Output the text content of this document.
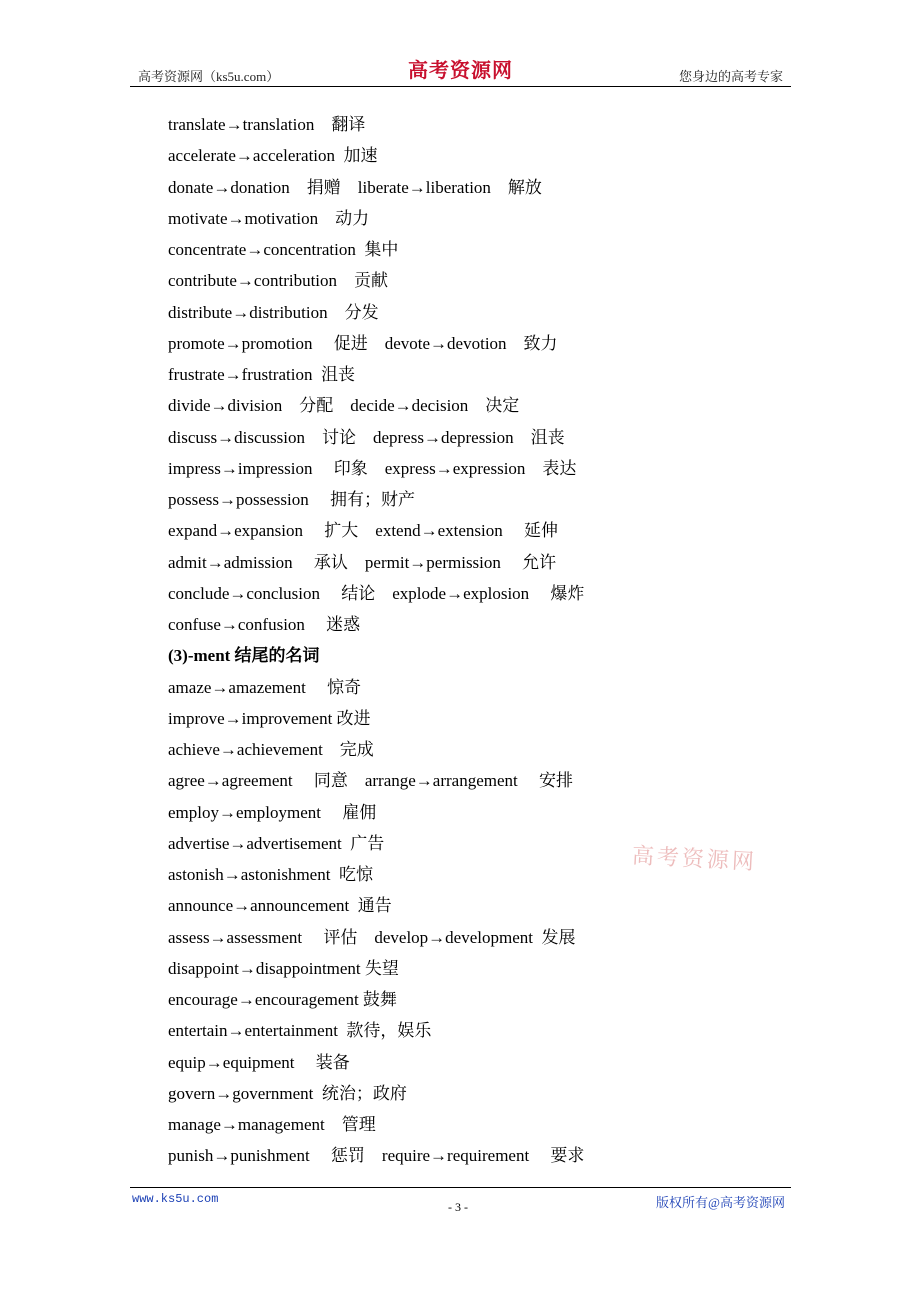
高考资源网（ks5u.com）	高考资源网	您身边的高考专家
translate→translation　翻译
accelerate→acceleration  加速
donate→donation　捐赠　liberate→liberation　解放
motivate→motivation　动力
concentrate→concentration  集中
contribute→contribution　贡献
distribute→distribution　分发
promote→promotion　 促进　devote→devotion　致力
frustrate→frustration  沮丧
divide→division　分配　decide→decision　决定
discuss→discussion　讨论　depress→depression　沮丧
impress→impression　 印象　express→expression　表达
possess→possession　 拥有；财产
expand→expansion　 扩大　extend→extension　 延伸
admit→admission　 承认　permit→permission　 允许
conclude→conclusion　 结论　explode→explosion　 爆炸
confuse→confusion　 迷惑
(3)-ment 结尾的名词
amaze→amazement　 惊奇
improve→improvement 改进
achieve→achievement　完成
agree→agreement　 同意　arrange→arrangement　 安排
employ→employment　 雇佣
advertise→advertisement  广告
astonish→astonishment  吃惊
announce→announcement  通告
assess→assessment　 评估　develop→development  发展
disappoint→disappointment 失望
encourage→encouragement 鼓舞
entertain→entertainment  款待，娱乐
equip→equipment　 装备
govern→government  统治；政府
manage→management　管理
punish→punishment　 惩罚　require→requirement　 要求
高考资源网
www.ks5u.com
- 3 -	版权所有@高考资源网
